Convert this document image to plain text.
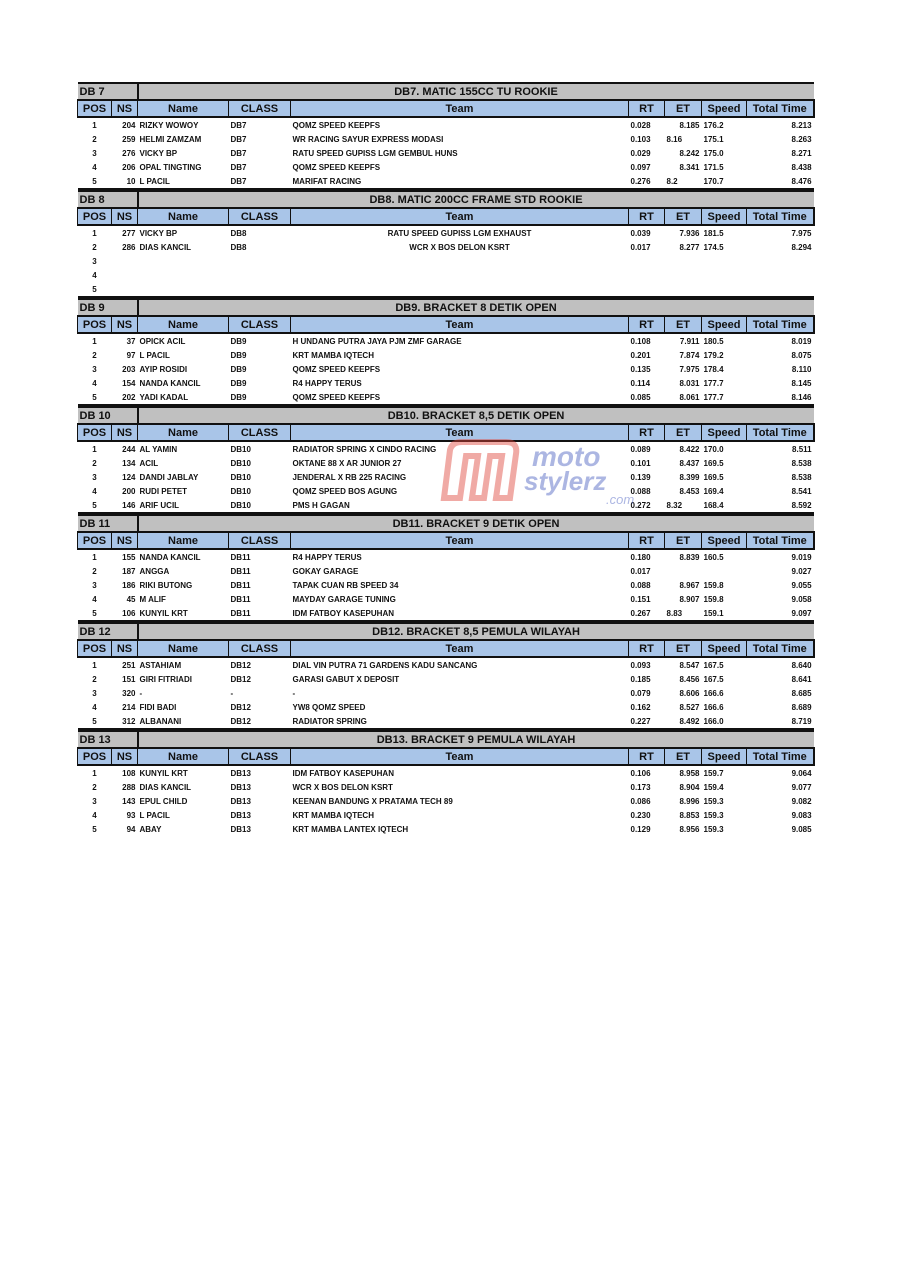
DB 7		DB7. MATIC 155CC TU ROOKIE						
POS	NS	Name	CLASS	Team	RT	ET	Speed	Total Time
1	204	RIZKY WOWOY	DB7	QOMZ SPEED KEEPFS	0.028	8.185	176.2	8.213
2	259	HELMI ZAMZAM	DB7	WR RACING SAYUR EXPRESS MODASI	0.103	8.16	175.1	8.263
3	276	VICKY BP	DB7	RATU SPEED GUPISS LGM GEMBUL HUNS	0.029	8.242	175.0	8.271
4	206	OPAL TINGTING	DB7	QOMZ SPEED KEEPFS	0.097	8.341	171.5	8.438
5	10	L PACIL	DB7	MARIFAT RACING	0.276	8.2	170.7	8.476
DB 8		DB8. MATIC 200CC FRAME STD ROOKIE						
POS	NS	Name	CLASS	Team	RT	ET	Speed	Total Time
1	277	VICKY BP	DB8	RATU SPEED GUPISS LGM EXHAUST	0.039	7.936	181.5	7.975
2	286	DIAS KANCIL	DB8	WCR X BOS DELON KSRT	0.017	8.277	174.5	8.294
3								
4								
5								
DB 9		DB9. BRACKET 8 DETIK OPEN						
POS	NS	Name	CLASS	Team	RT	ET	Speed	Total Time
1	37	OPICK ACIL	DB9	H UNDANG PUTRA JAYA PJM ZMF GARAGE	0.108	7.911	180.5	8.019
2	97	L PACIL	DB9	KRT MAMBA IQTECH	0.201	7.874	179.2	8.075
3	203	AYIP ROSIDI	DB9	QOMZ SPEED KEEPFS	0.135	7.975	178.4	8.110
4	154	NANDA KANCIL	DB9	R4 HAPPY TERUS	0.114	8.031	177.7	8.145
5	202	YADI KADAL	DB9	QOMZ SPEED KEEPFS	0.085	8.061	177.7	8.146
DB 10		DB10. BRACKET 8,5 DETIK OPEN						
POS	NS	Name	CLASS	Team	RT	ET	Speed	Total Time
1	244	AL YAMIN	DB10	RADIATOR SPRING X CINDO RACING	0.089	8.422	170.0	8.511
2	134	ACIL	DB10	OKTANE 88 X AR JUNIOR 27	0.101	8.437	169.5	8.538
3	124	DANDI JABLAY	DB10	JENDERAL X RB 225 RACING	0.139	8.399	169.5	8.538
4	200	RUDI PETET	DB10	QOMZ SPEED BOS AGUNG	0.088	8.453	169.4	8.541
5	146	ARIF UCIL	DB10	PMS H GAGAN	0.272	8.32	168.4	8.592
DB 11		DB11. BRACKET 9 DETIK OPEN						
POS	NS	Name	CLASS	Team	RT	ET	Speed	Total Time
1	155	NANDA KANCIL	DB11	R4 HAPPY TERUS	0.180	8.839	160.5	9.019
2	187	ANGGA	DB11	GOKAY GARAGE	0.017			9.027
3	186	RIKI BUTONG	DB11	TAPAK CUAN RB SPEED 34	0.088	8.967	159.8	9.055
4	45	M ALIF	DB11	MAYDAY GARAGE TUNING	0.151	8.907	159.8	9.058
5	106	KUNYIL KRT	DB11	IDM FATBOY KASEPUHAN	0.267	8.83	159.1	9.097
DB 12		DB12. BRACKET 8,5 PEMULA WILAYAH						
POS	NS	Name	CLASS	Team	RT	ET	Speed	Total Time
1	251	ASTAHIAM	DB12	DIAL VIN PUTRA 71 GARDENS KADU SANCANG	0.093	8.547	167.5	8.640
2	151	GIRI FITRIADI	DB12	GARASI GABUT X DEPOSIT	0.185	8.456	167.5	8.641
3	320	-	-	-	0.079	8.606	166.6	8.685
4	214	FIDI BADI	DB12	YW8 QOMZ SPEED	0.162	8.527	166.6	8.689
5	312	ALBANANI	DB12	RADIATOR SPRING	0.227	8.492	166.0	8.719
DB 13		DB13. BRACKET 9 PEMULA WILAYAH						
POS	NS	Name	CLASS	Team	RT	ET	Speed	Total Time
1	108	KUNYIL KRT	DB13	IDM FATBOY KASEPUHAN	0.106	8.958	159.7	9.064
2	288	DIAS KANCIL	DB13	WCR X BOS DELON KSRT	0.173	8.904	159.4	9.077
3	143	EPUL CHILD	DB13	KEENAN BANDUNG X PRATAMA TECH 89	0.086	8.996	159.3	9.082
4	93	L PACIL	DB13	KRT MAMBA IQTECH	0.230	8.853	159.3	9.083
5	94	ABAY	DB13	KRT MAMBA LANTEX IQTECH	0.129	8.956	159.3	9.085
moto
stylerz
.com
